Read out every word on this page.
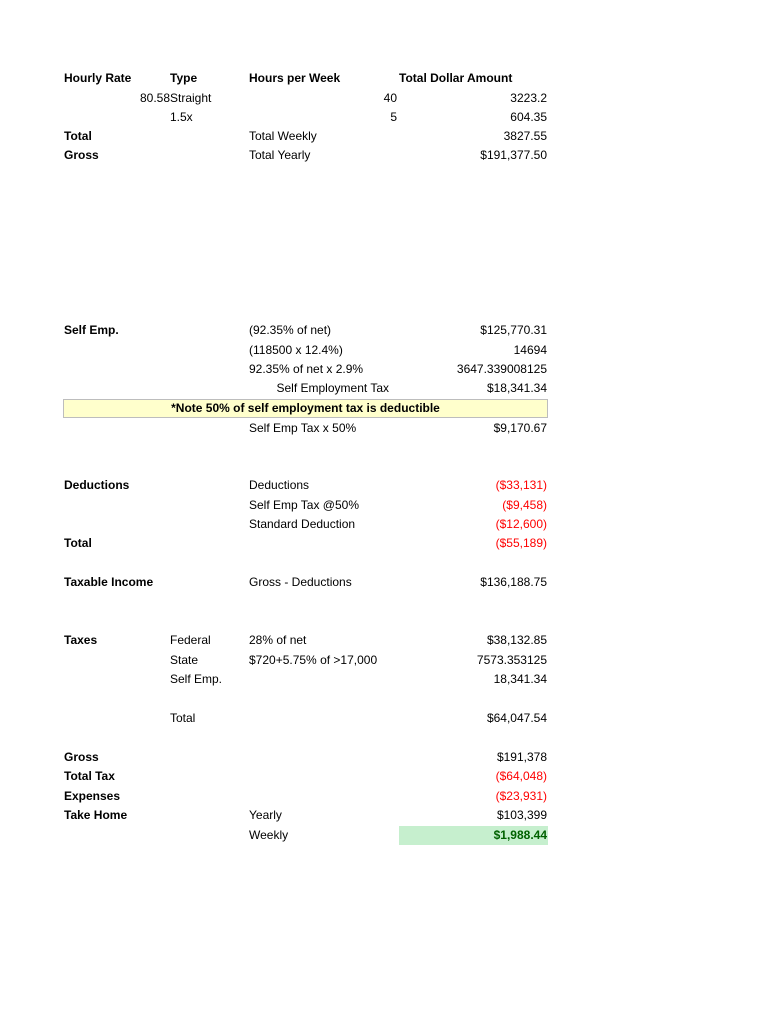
Hourly Rate	Type	Hours per Week	Total Dollar Amount
80.58 Straight	40	3223.2
1.5x	5	604.35
Total	Total Weekly	3827.55
Gross	Total Yearly	$191,377.50
Self Emp.	(92.35% of net)	$125,770.31
(118500 x 12.4%)	14694
92.35% of net x 2.9%	3647.339008125
Self Employment Tax	$18,341.34
*Note 50% of self employment tax is deductible
Self Emp Tax x 50%	$9,170.67
Deductions	Deductions	($33,131)
Self Emp Tax @50%	($9,458)
Standard Deduction	($12,600)
Total	($55,189)
Taxable Income	Gross - Deductions	$136,188.75
Taxes	Federal	28% of net	$38,132.85
State	$720+5.75% of >17,000	7573.353125
Self Emp.	18,341.34
Total	$64,047.54
Gross	$191,378
Total Tax	($64,048)
Expenses	($23,931)
Take Home	Yearly	$103,399
Weekly	$1,988.44
